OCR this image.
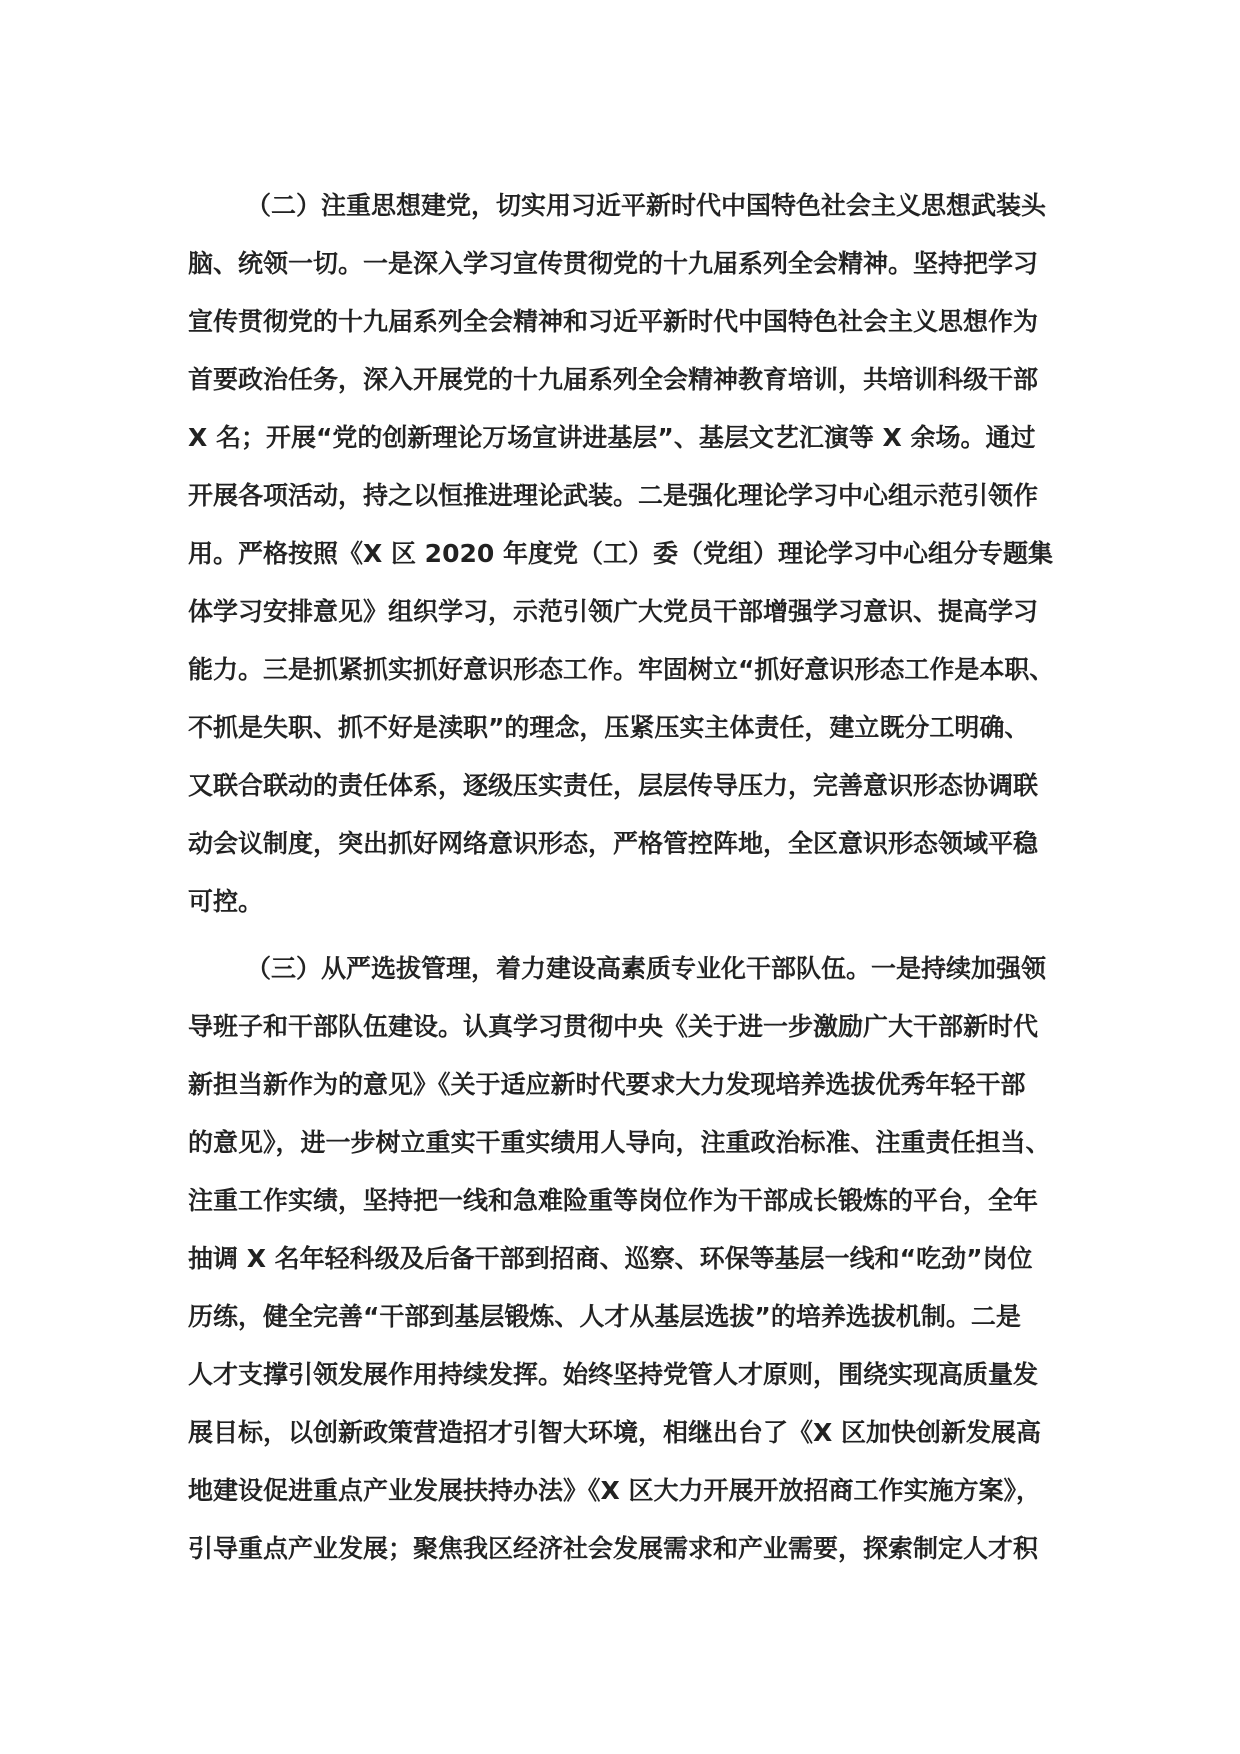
（二）注重思想建党，切实用习近平新时代中国特色社会主义思想武装头
脑、统领一切。一是深入学习宣传贯彻党的十九届系列全会精神。坚持把学习
宣传贯彻党的十九届系列全会精神和习近平新时代中国特色社会主义思想作为
首要政治任务，深入开展党的十九届系列全会精神教育培训，共培训科级干部
X 名；开展“党的创新理论万场宣讲进基层”、基层文艺汇演等 X 余场。通过
开展各项活动，持之以恒推进理论武装。二是强化理论学习中心组示范引领作
用。严格按照《X 区 2020 年度党（工）委（党组）理论学习中心组分专题集
体学习安排意见》组织学习，示范引领广大党员干部增强学习意识、提高学习
能力。三是抓紧抓实抓好意识形态工作。牢固树立“抓好意识形态工作是本职、
不抓是失职、抓不好是渎职”的理念，压紧压实主体责任，建立既分工明确、
又联合联动的责任体系，逐级压实责任，层层传导压力，完善意识形态协调联
动会议制度，突出抓好网络意识形态，严格管控阵地，全区意识形态领域平稳
可控。
（三）从严选拔管理，着力建设高素质专业化干部队伍。一是持续加强领
导班子和干部队伍建设。认真学习贯彻中央《关于进一步激励广大干部新时代
新担当新作为的意见》《关于适应新时代要求大力发现培养选拔优秀年轻干部
的意见》，进一步树立重实干重实绩用人导向，注重政治标准、注重责任担当、
注重工作实绩，坚持把一线和急难险重等岗位作为干部成长锻炼的平台，全年
抽调 X 名年轻科级及后备干部到招商、巡察、环保等基层一线和“吃劲”岗位
历练，健全完善“干部到基层锻炼、人才从基层选拔”的培养选拔机制。二是
人才支撑引领发展作用持续发挥。始终坚持党管人才原则，围绕实现高质量发
展目标，以创新政策营造招才引智大环境，相继出台了《X 区加快创新发展高
地建设促进重点产业发展扶持办法》《X 区大力开展开放招商工作实施方案》，
引导重点产业发展；聚焦我区经济社会发展需求和产业需要，探索制定人才积
